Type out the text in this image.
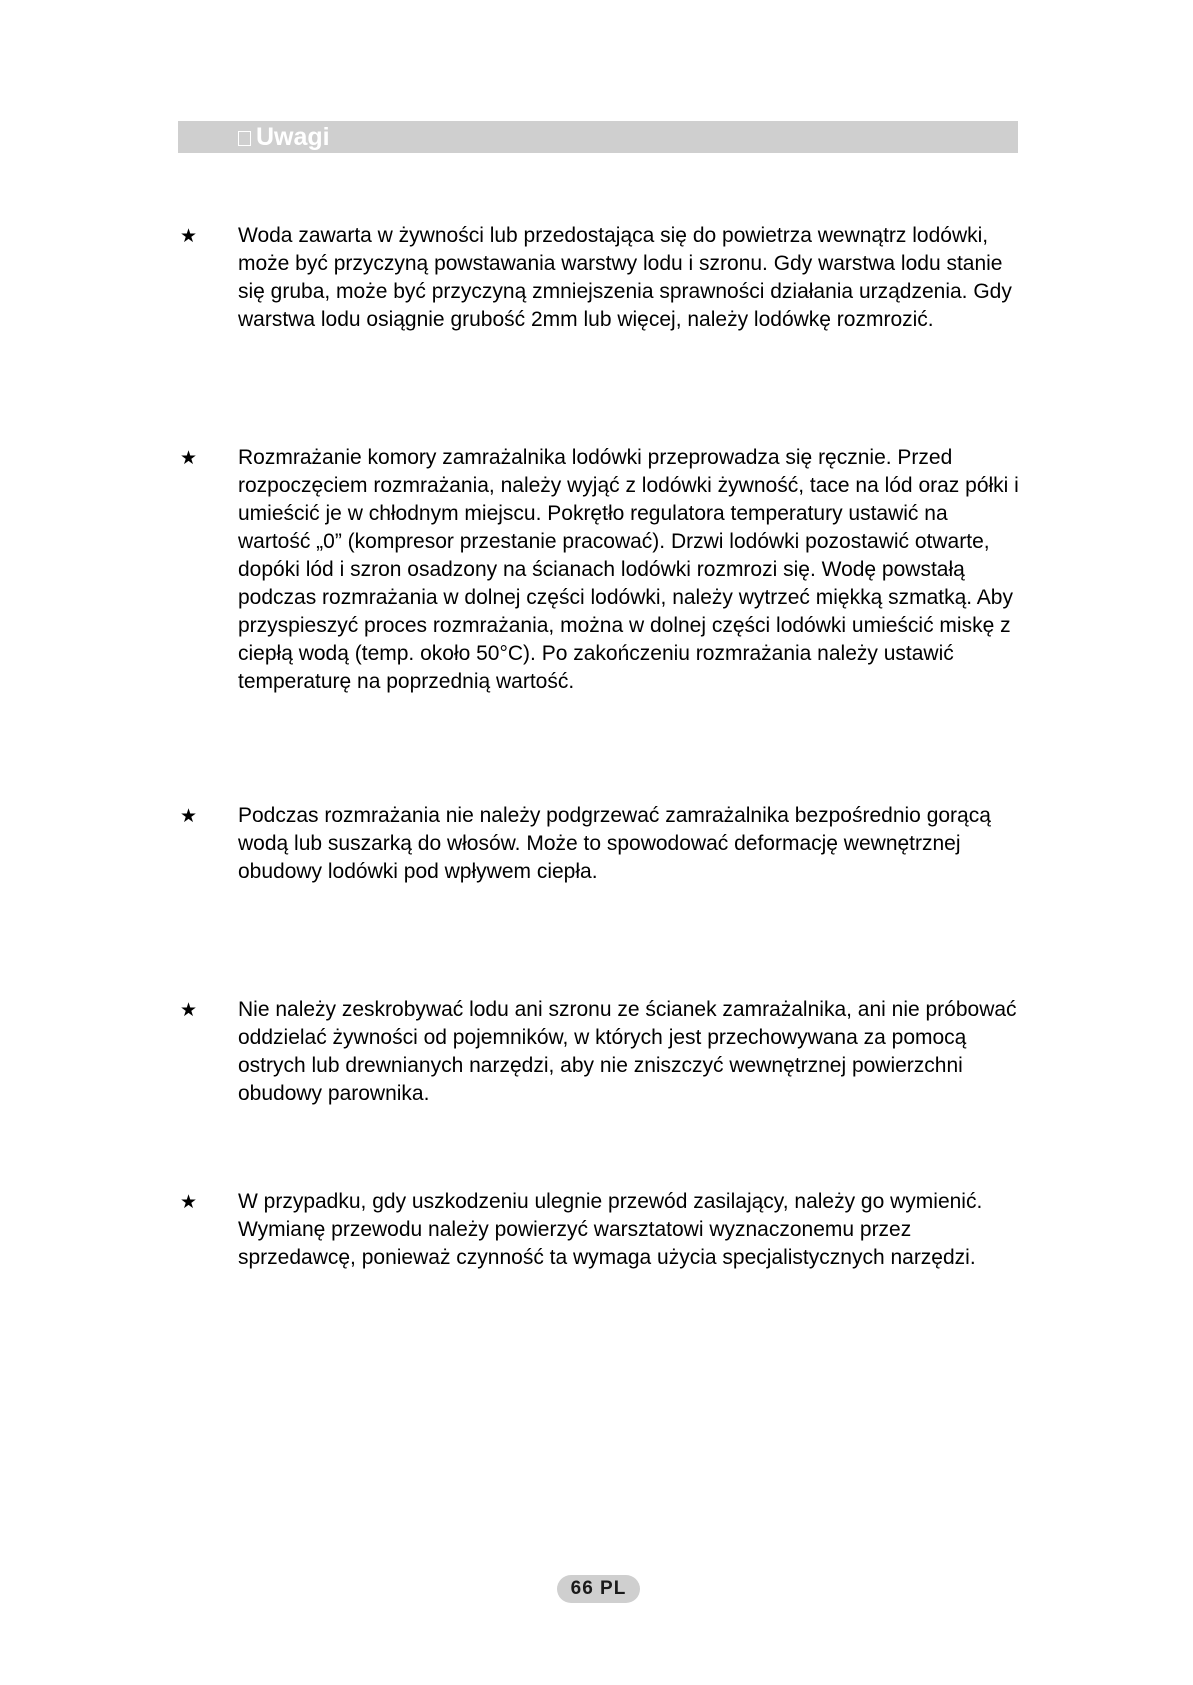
Uwagi
★ Woda zawarta w żywności lub przedostająca się do powietrza wewnątrz lodówki, może być przyczyną powstawania warstwy lodu i szronu. Gdy warstwa lodu stanie się gruba, może być przyczyną zmniejszenia sprawności działania urządzenia. Gdy warstwa lodu osiągnie grubość 2mm lub więcej, należy lodówkę rozmrozić.

★ Rozmrażanie komory zamrażalnika lodówki przeprowadza się ręcznie. Przed rozpoczęciem rozmrażania, należy wyjąć z lodówki żywność, tace na lód oraz półki i umieścić je w chłodnym miejscu. Pokrętło regulatora temperatury ustawić na wartość „0” (kompresor przestanie pracować). Drzwi lodówki pozostawić otwarte, dopóki lód i szron osadzony na ścianach lodówki rozmrozi się. Wodę powstałą podczas rozmrażania w dolnej części lodówki, należy wytrzeć miękką szmatką. Aby przyspieszyć proces rozmrażania, można w dolnej części lodówki umieścić miskę z ciepłą wodą (temp. około 50°C). Po zakończeniu rozmrażania należy ustawić temperaturę na poprzednią wartość.

★ Podczas rozmrażania nie należy podgrzewać zamrażalnika bezpośrednio gorącą wodą lub suszarką do włosów. Może to spowodować deformację wewnętrznej obudowy lodówki pod wpływem ciepła.

★ Nie należy zeskrobywać lodu ani szronu ze ścianek zamrażalnika, ani nie próbować oddzielać żywności od pojemników, w których jest przechowywana za pomocą ostrych lub drewnianych narzędzi, aby nie zniszczyć wewnętrznej powierzchni obudowy parownika.

★ W przypadku, gdy uszkodzeniu ulegnie przewód zasilający, należy go wymienić. Wymianę przewodu należy powierzyć warsztatowi wyznaczonemu przez sprzedawcę, ponieważ czynność ta wymaga użycia specjalistycznych narzędzi.

66 PL
